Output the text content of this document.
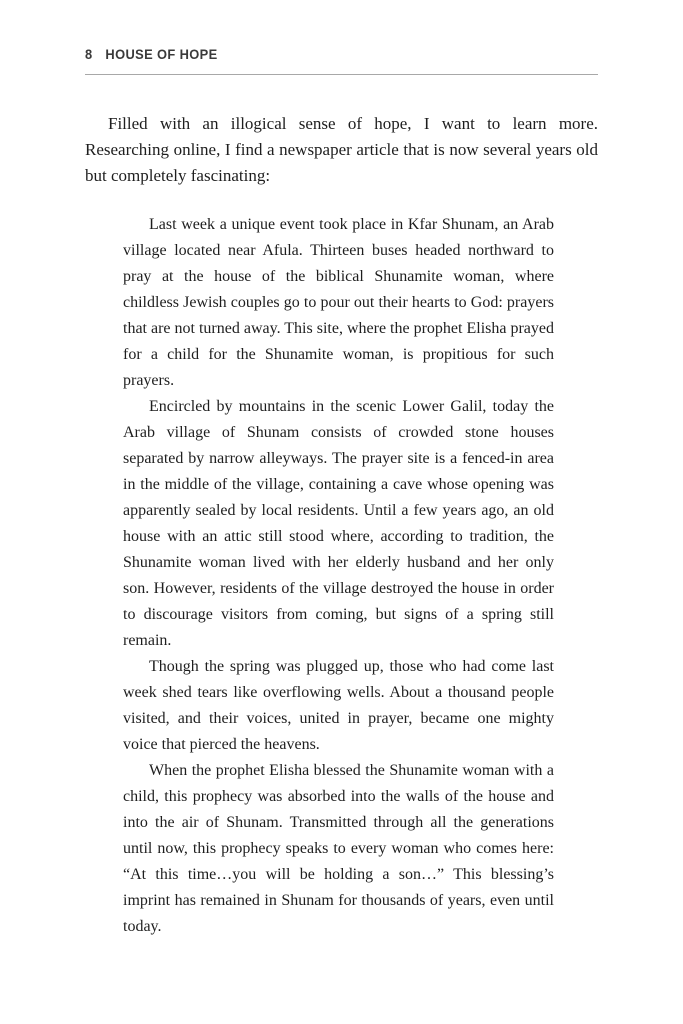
8 HOUSE OF HOPE

Filled with an illogical sense of hope, I want to learn more. Researching online, I find a newspaper article that is now several years old but completely fascinating:

Last week a unique event took place in Kfar Shunam, an Arab village located near Afula. Thirteen buses headed northward to pray at the house of the biblical Shunamite woman, where childless Jewish couples go to pour out their hearts to God: prayers that are not turned away. This site, where the prophet Elisha prayed for a child for the Shunamite woman, is propitious for such prayers.

Encircled by mountains in the scenic Lower Galil, today the Arab village of Shunam consists of crowded stone houses separated by narrow alleyways. The prayer site is a fenced-in area in the middle of the village, containing a cave whose opening was apparently sealed by local residents. Until a few years ago, an old house with an attic still stood where, according to tradition, the Shunamite woman lived with her elderly husband and her only son. However, residents of the village destroyed the house in order to discourage visitors from coming, but signs of a spring still remain.

Though the spring was plugged up, those who had come last week shed tears like overflowing wells. About a thousand people visited, and their voices, united in prayer, became one mighty voice that pierced the heavens.

When the prophet Elisha blessed the Shunamite woman with a child, this prophecy was absorbed into the walls of the house and into the air of Shunam. Transmitted through all the generations until now, this prophecy speaks to every woman who comes here: “At this time…you will be holding a son…” This blessing’s imprint has remained in Shunam for thousands of years, even until today.
